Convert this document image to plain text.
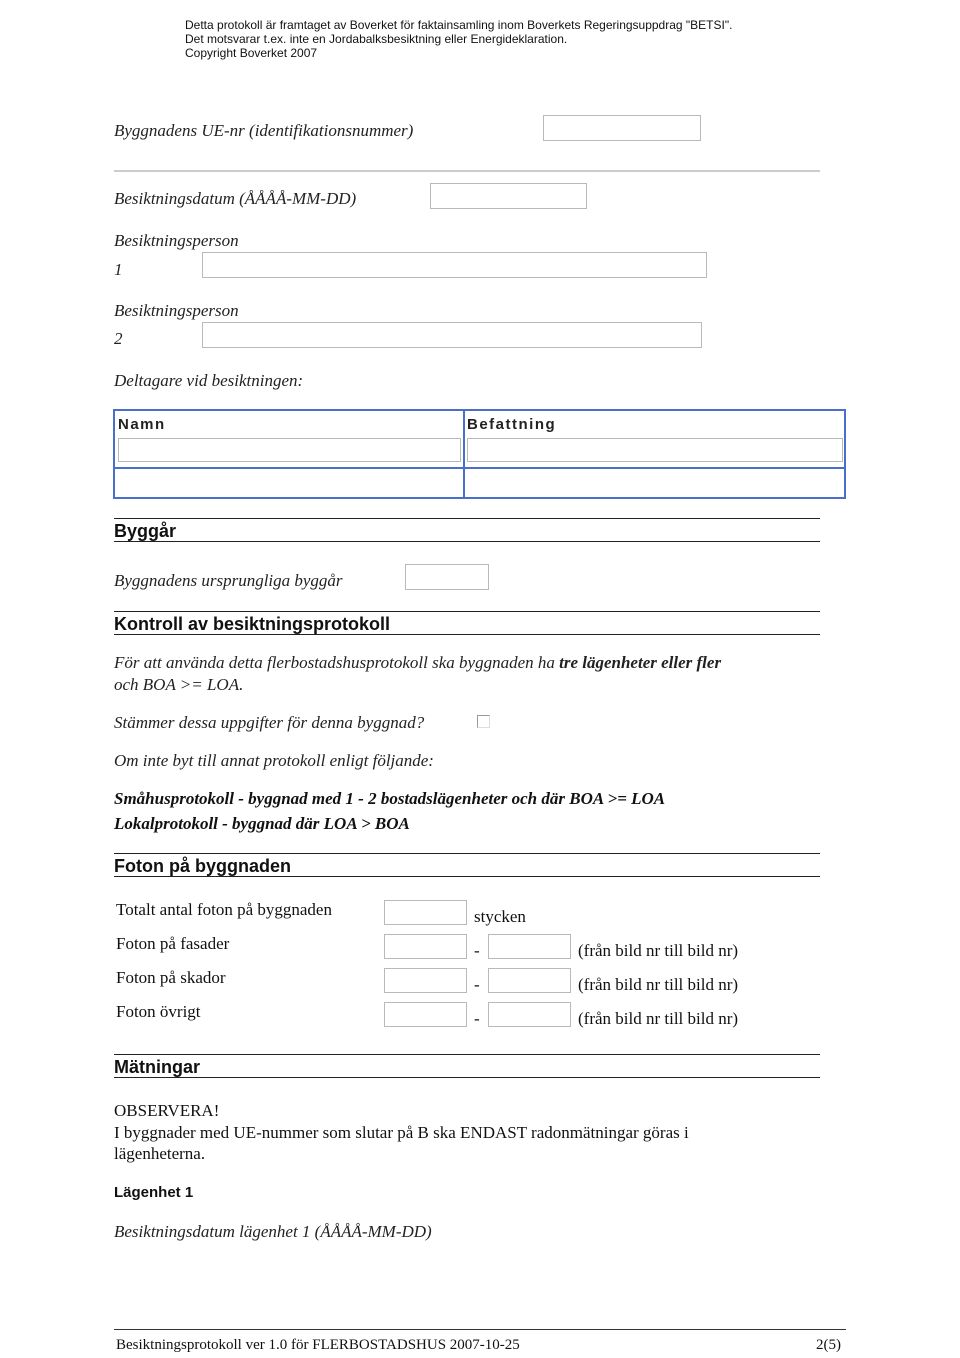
Detta protokoll är framtaget av Boverket för faktainsamling inom Boverkets Regeringsuppdrag "BETSI".
Det motsvarar t.ex. inte en Jordabalksbesiktning eller Energideklaration.
Copyright Boverket 2007
Byggnadens UE-nr (identifikationsnummer)
Besiktningsdatum (ÅÅÅÅ-MM-DD)
Besiktningsperson
1
Besiktningsperson
2
Deltagare vid besiktningen:
Namn	Befattning
Byggår
Byggnadens ursprungliga byggår
Kontroll av besiktningsprotokoll
För att använda detta flerbostadshusprotokoll ska byggnaden ha tre lägenheter eller fler
och BOA >= LOA.
Stämmer dessa uppgifter för denna byggnad?
Om inte byt till annat protokoll enligt följande:
Småhusprotokoll - byggnad med 1 - 2 bostadslägenheter och där BOA >= LOA
Lokalprotokoll - byggnad där LOA > BOA
Foton på byggnaden
Totalt antal foton på byggnaden	stycken
Foton på fasader	-	(från bild nr till bild nr)
Foton på skador	-	(från bild nr till bild nr)
Foton övrigt	-	(från bild nr till bild nr)
Mätningar
OBSERVERA!
I byggnader med UE-nummer som slutar på B ska ENDAST radonmätningar göras i
lägenheterna.
Lägenhet 1
Besiktningsdatum lägenhet 1 (ÅÅÅÅ-MM-DD)
Besiktningsprotokoll ver 1.0 för FLERBOSTADSHUS 2007-10-25	2(5)
